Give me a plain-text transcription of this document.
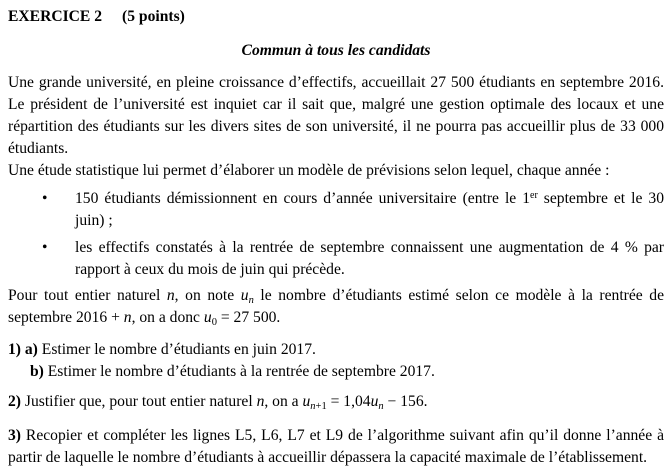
EXERCICE 2 (5 points)
Commun à tous les candidats

Une grande université, en pleine croissance d’effectifs, accueillait 27 500 étudiants en septembre 2016. Le président de l’université est inquiet car il sait que, malgré une gestion optimale des locaux et une répartition des étudiants sur les divers sites de son université, il ne pourra pas accueillir plus de 33 000 étudiants.

Une étude statistique lui permet d’élaborer un modèle de prévisions selon lequel, chaque année :

•	150 étudiants démissionnent en cours d’année universitaire (entre le 1er septembre et le 30 juin) ;
•	les effectifs constatés à la rentrée de septembre connaissent une augmentation de 4 % par rapport à ceux du mois de juin qui précède.

Pour tout entier naturel n, on note $u_n$ le nombre d’étudiants estimé selon ce modèle à la rentrée de septembre 2016 + n, on a donc $u_0 = 27$ 500.

1) a) Estimer le nombre d’étudiants en juin 2017.

b) Estimer le nombre d’étudiants à la rentrée de septembre 2017.

2) Justifier que, pour tout entier naturel n, on a $u_{n+1} = 1,04u_n - 156$.

3) Recopier et compléter les lignes L5, L6, L7 et L9 de l’algorithme suivant afin qu’il donne l’année à partir de laquelle le nombre d’étudiants à accueillir dépassera la capacité maximale de l’établissement.
